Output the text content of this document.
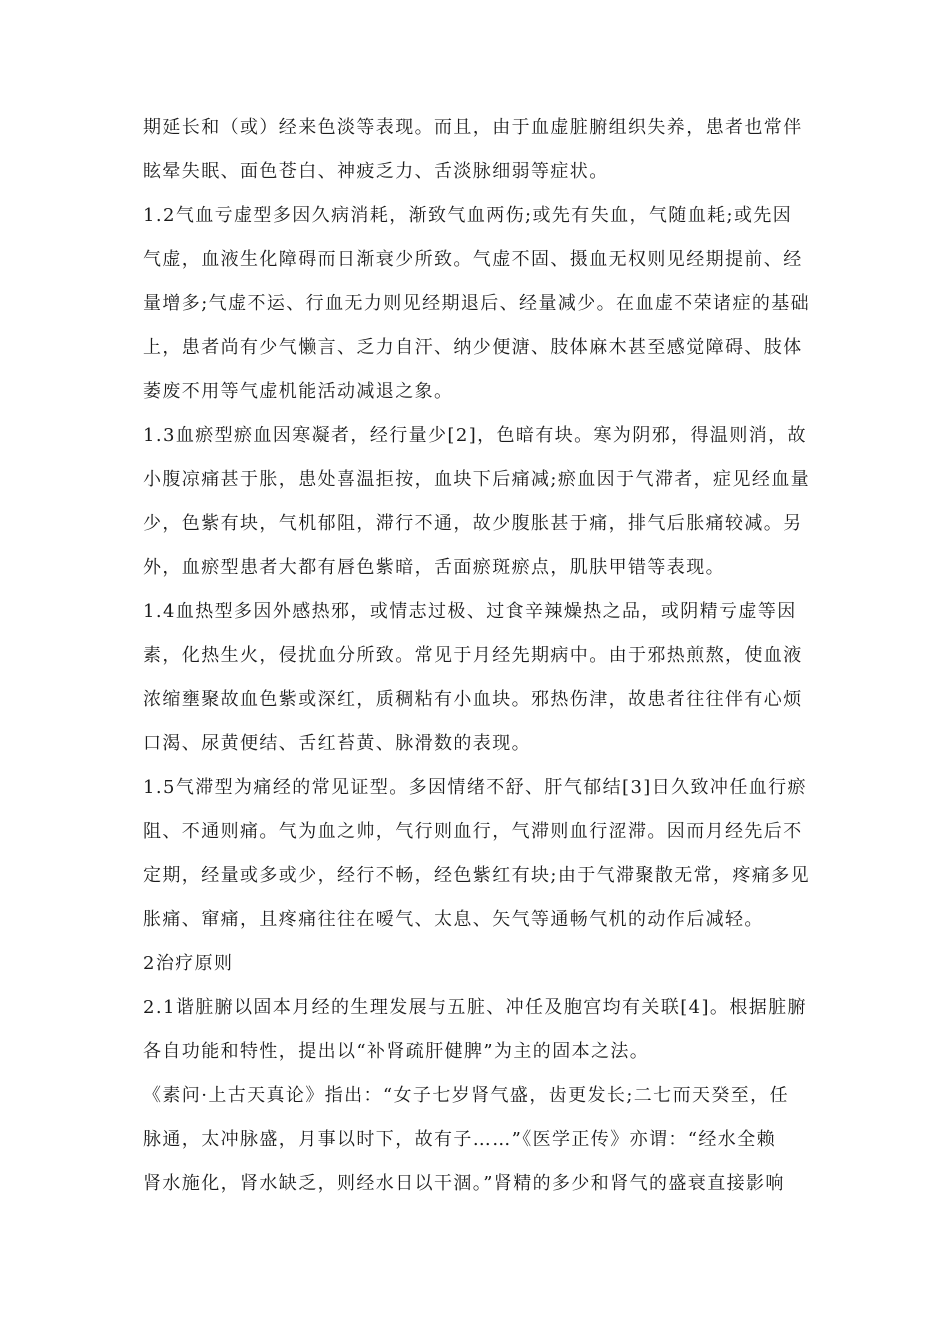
期延长和（或）经来色淡等表现。而且，由于血虚脏腑组织失养，患者也常伴
眩晕失眠、面色苍白、神疲乏力、舌淡脉细弱等症状。
1.2气血亏虚型多因久病消耗，渐致气血两伤;或先有失血，气随血耗;或先因
气虚，血液生化障碍而日渐衰少所致。气虚不固、摄血无权则见经期提前、经
量增多;气虚不运、行血无力则见经期退后、经量减少。在血虚不荣诸症的基础
上，患者尚有少气懒言、乏力自汗、纳少便溏、肢体麻木甚至感觉障碍、肢体
萎废不用等气虚机能活动减退之象。
1.3血瘀型瘀血因寒凝者，经行量少[2]，色暗有块。寒为阴邪，得温则消，故
小腹凉痛甚于胀，患处喜温拒按，血块下后痛减;瘀血因于气滞者，症见经血量
少，色紫有块，气机郁阻，滞行不通，故少腹胀甚于痛，排气后胀痛较减。另
外，血瘀型患者大都有唇色紫暗，舌面瘀斑瘀点，肌肤甲错等表现。
1.4血热型多因外感热邪，或情志过极、过食辛辣燥热之品，或阴精亏虚等因
素，化热生火，侵扰血分所致。常见于月经先期病中。由于邪热煎熬，使血液
浓缩壅聚故血色紫或深红，质稠粘有小血块。邪热伤津，故患者往往伴有心烦
口渴、尿黄便结、舌红苔黄、脉滑数的表现。
1.5气滞型为痛经的常见证型。多因情绪不舒、肝气郁结[3]日久致冲任血行瘀
阻、不通则痛。气为血之帅，气行则血行，气滞则血行涩滞。因而月经先后不
定期，经量或多或少，经行不畅，经色紫红有块;由于气滞聚散无常，疼痛多见
胀痛、窜痛，且疼痛往往在嗳气、太息、矢气等通畅气机的动作后减轻。
2治疗原则
2.1谐脏腑以固本月经的生理发展与五脏、冲任及胞宫均有关联[4]。根据脏腑
各自功能和特性，提出以“补肾疏肝健脾”为主的固本之法。
《素问·上古天真论》指出：“女子七岁肾气盛，齿更发长;二七而天癸至，任
脉通，太冲脉盛，月事以时下，故有子……”《医学正传》亦谓：“经水全赖
肾水施化，肾水缺乏，则经水日以干涸。”肾精的多少和肾气的盛衰直接影响
